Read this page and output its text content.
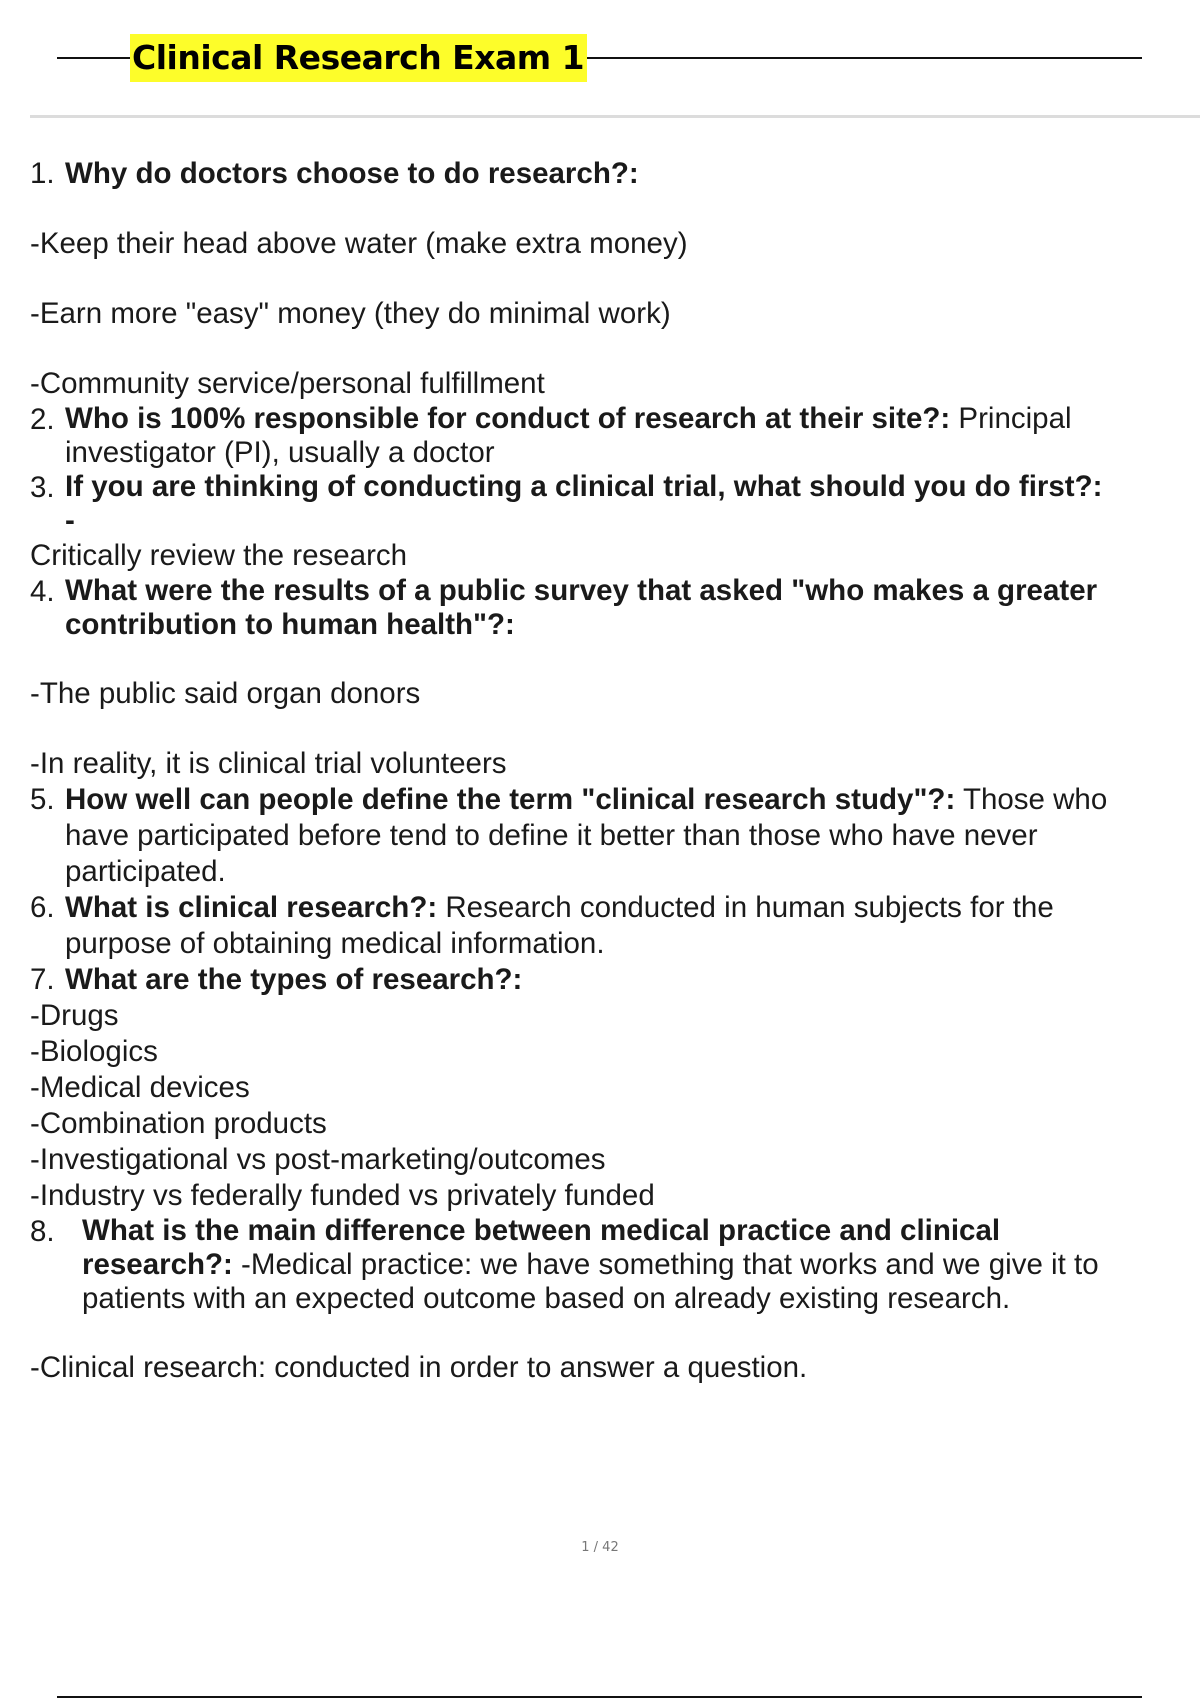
Clinical Research Exam 1

1. Why do doctors choose to do research?:

-Keep their head above water (make extra money)

-Earn more "easy" money (they do minimal work)

-Community service/personal fulfillment

2. Who is 100% responsible for conduct of research at their site?: Principal
investigator (PI), usually a doctor

3. If you are thinking of conducting a clinical trial, what should you do first?:
-

Critically review the research

4. What were the results of a public survey that asked "who makes a greater
contribution to human health"?:

-The public said organ donors

-In reality, it is clinical trial volunteers

5. How well can people define the term "clinical research study"?: Those who
have participated before tend to define it better than those who have never
participated.

6. What is clinical research?: Research conducted in human subjects for the
purpose of obtaining medical information.

7. What are the types of research?:

-Drugs

-Biologics

-Medical devices

-Combination products

-Investigational vs post-marketing/outcomes

-Industry vs federally funded vs privately funded

8. What is the main difference between medical practice and clinical
research?: -Medical practice: we have something that works and we give it to
patients with an expected outcome based on already existing research.

-Clinical research: conducted in order to answer a question.

1 / 42
